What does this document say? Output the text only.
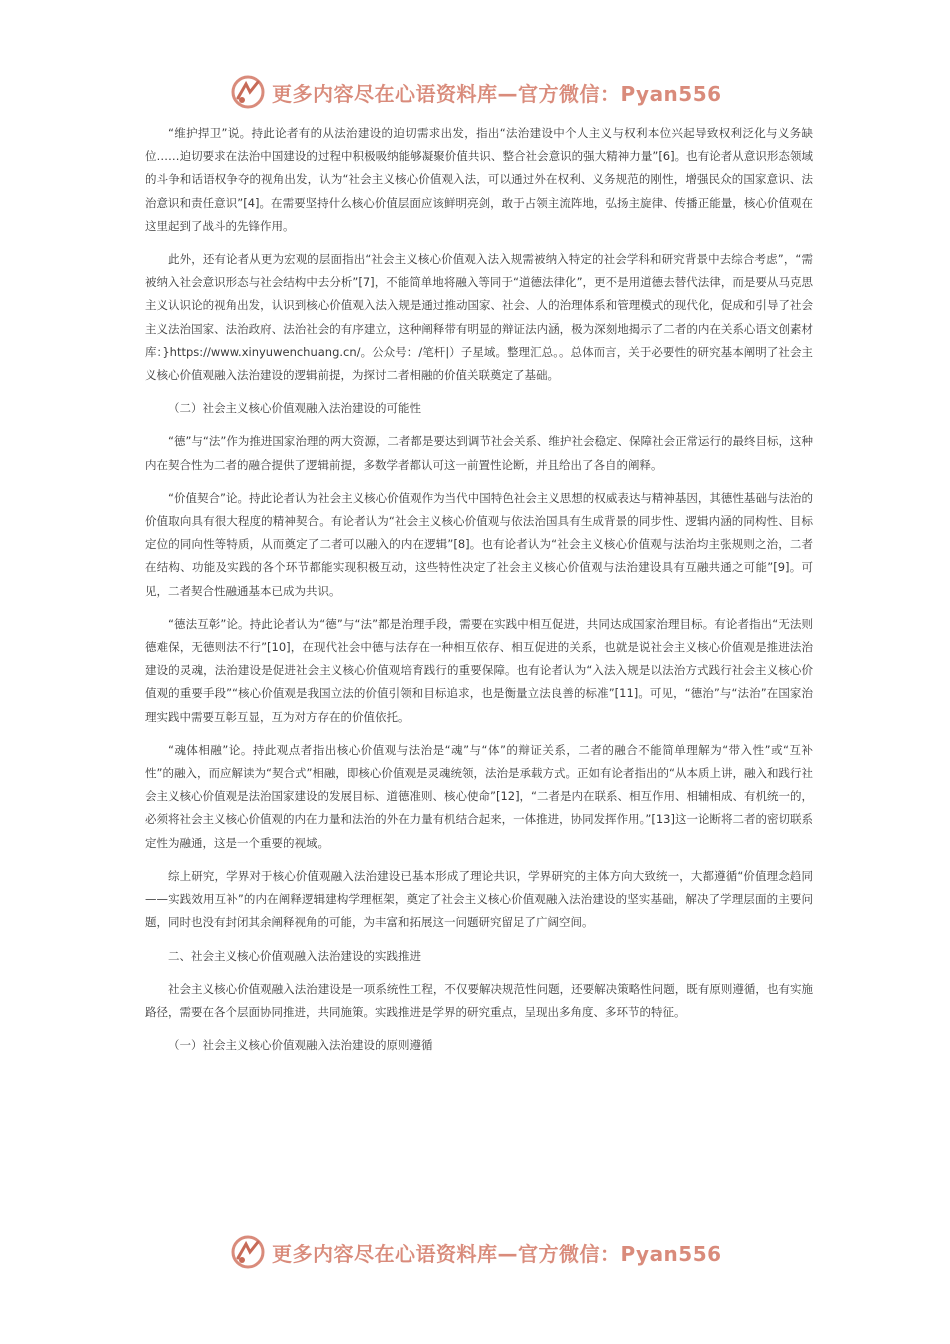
更多内容尽在心语资料库—官方微信：Pyan556

“维护捍卫”说。持此论者有的从法治建设的迫切需求出发，指出“法治建设中个人主义与权利本位兴起导致权利泛化与义务缺位……迫切要求在法治中国建设的过程中积极吸纳能够凝聚价值共识、整合社会意识的强大精神力量”[6]。也有论者从意识形态领域的斗争和话语权争夺的视角出发，认为“社会主义核心价值观入法，可以通过外在权利、义务规范的刚性，增强民众的国家意识、法治意识和责任意识”[4]。在需要坚持什么核心价值层面应该鲜明亮剑，敢于占领主流阵地，弘扬主旋律、传播正能量，核心价值观在这里起到了战斗的先锋作用。

此外，还有论者从更为宏观的层面指出“社会主义核心价值观入法入规需被纳入特定的社会学科和研究背景中去综合考虑”，“需被纳入社会意识形态与社会结构中去分析”[7]，不能简单地将融入等同于“道德法律化”，更不是用道德去替代法律，而是要从马克思主义认识论的视角出发，认识到核心价值观入法入规是通过推动国家、社会、人的治理体系和管理模式的现代化，促成和引导了社会主义法治国家、法治政府、法治社会的有序建立，这种阐释带有明显的辩证法内涵，极为深刻地揭示了二者的内在关系心语文创素材库：}https://www.xinyuwenchuang.cn/。公众号：/笔杆|）子星域。整理汇总。。总体而言，关于必要性的研究基本阐明了社会主义核心价值观融入法治建设的逻辑前提，为探讨二者相融的价值关联奠定了基础。

（二）社会主义核心价值观融入法治建设的可能性

“德”与“法”作为推进国家治理的两大资源，二者都是要达到调节社会关系、维护社会稳定、保障社会正常运行的最终目标，这种内在契合性为二者的融合提供了逻辑前提，多数学者都认可这一前置性论断，并且给出了各自的阐释。

“价值契合”论。持此论者认为社会主义核心价值观作为当代中国特色社会主义思想的权威表达与精神基因，其德性基础与法治的价值取向具有很大程度的精神契合。有论者认为“社会主义核心价值观与依法治国具有生成背景的同步性、逻辑内涵的同构性、目标定位的同向性等特质，从而奠定了二者可以融入的内在逻辑”[8]。也有论者认为“社会主义核心价值观与法治均主张规则之治，二者在结构、功能及实践的各个环节都能实现积极互动，这些特性决定了社会主义核心价值观与法治建设具有互融共通之可能”[9]。可见，二者契合性融通基本已成为共识。

“德法互彰”论。持此论者认为“德”与“法”都是治理手段，需要在实践中相互促进，共同达成国家治理目标。有论者指出“无法则德难保，无德则法不行”[10]，在现代社会中德与法存在一种相互依存、相互促进的关系，也就是说社会主义核心价值观是推进法治建设的灵魂，法治建设是促进社会主义核心价值观培育践行的重要保障。也有论者认为“入法入规是以法治方式践行社会主义核心价值观的重要手段”“核心价值观是我国立法的价值引领和目标追求，也是衡量立法良善的标准”[11]。可见，“德治”与“法治”在国家治理实践中需要互彰互显，互为对方存在的价值依托。

“魂体相融”论。持此观点者指出核心价值观与法治是“魂”与“体”的辩证关系，二者的融合不能简单理解为“带入性”或“互补性”的融入，而应解读为“契合式”相融，即核心价值观是灵魂统领，法治是承载方式。正如有论者指出的“从本质上讲，融入和践行社会主义核心价值观是法治国家建设的发展目标、道德准则、核心使命”[12]，“二者是内在联系、相互作用、相辅相成、有机统一的，必须将社会主义核心价值观的内在力量和法治的外在力量有机结合起来，一体推进，协同发挥作用。”[13]这一论断将二者的密切联系定性为融通，这是一个重要的视域。

综上研究，学界对于核心价值观融入法治建设已基本形成了理论共识，学界研究的主体方向大致统一，大都遵循“价值理念趋同——实践效用互补”的内在阐释逻辑建构学理框架，奠定了社会主义核心价值观融入法治建设的坚实基础，解决了学理层面的主要问题，同时也没有封闭其余阐释视角的可能，为丰富和拓展这一问题研究留足了广阔空间。

二、社会主义核心价值观融入法治建设的实践推进

社会主义核心价值观融入法治建设是一项系统性工程，不仅要解决规范性问题，还要解决策略性问题，既有原则遵循，也有实施路径，需要在各个层面协同推进，共同施策。实践推进是学界的研究重点，呈现出多角度、多环节的特征。

（一）社会主义核心价值观融入法治建设的原则遵循

更多内容尽在心语资料库—官方微信：Pyan556
